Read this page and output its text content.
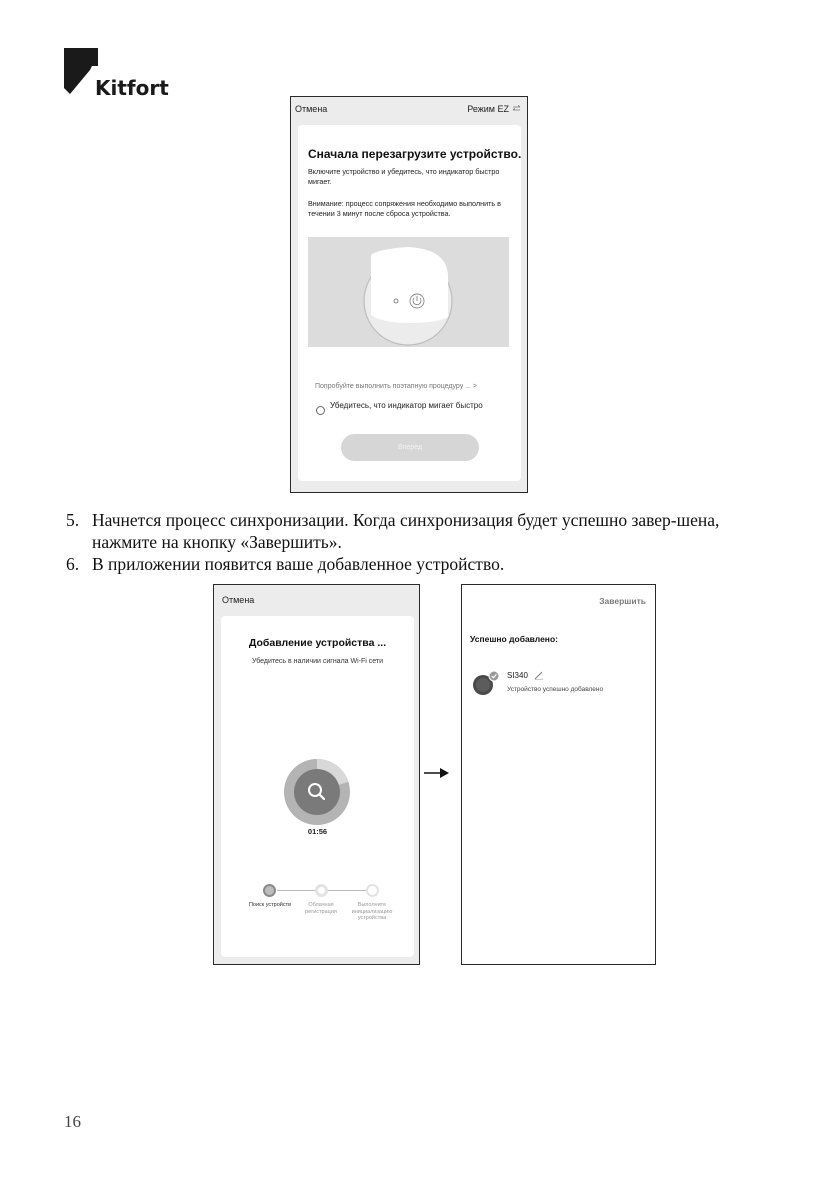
Kitfort
Отмена	Режим EZ
Сначала перезагрузите устройство.
Включите устройство и убедитесь, что индикатор быстро мигает.
Внимание: процесс сопряжения необходимо выполнить в течении 3 минут после сброса устройства.
Попробуйте выполнить поэтапную процедуру ... >
Убедитесь, что индикатор мигает быстро
Вперед
5. Начнется процесс синхронизации. Когда синхронизация будет успешно завер-шена, нажмите на кнопку «Завершить».
6. В приложении появится ваше добавленное устройство.
Отмена
Добавление устройства ...
Убедитесь в наличии сигнала Wi-Fi сети
01:56
Поиск устройств	Облачная регистрация
Выполните инициализацию устройства
Завершить
Успешно добавлено:
SI340
Устройство успешно добавлено
16
